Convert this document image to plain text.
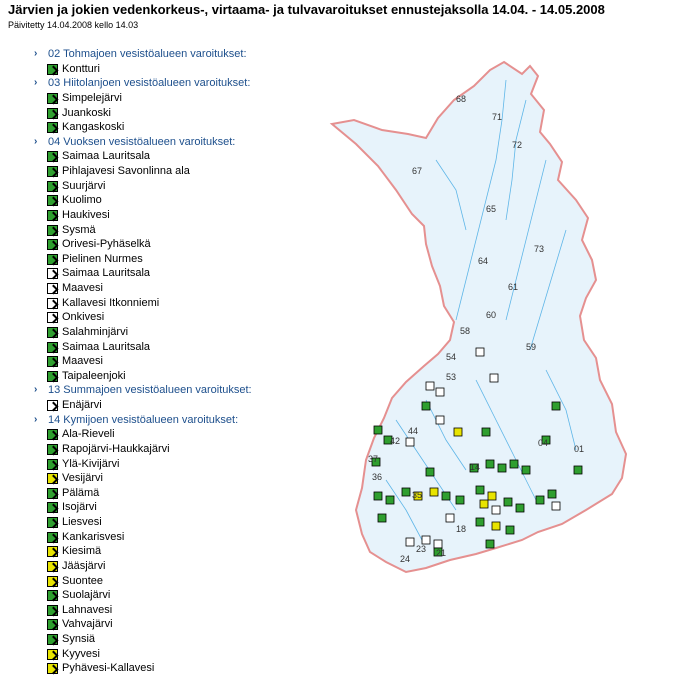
Järvien ja jokien vedenkorkeus-, virtaama- ja tulvavaroitukset ennustejaksolla 14.04. - 14.05.2008
Päivitetty 14.04.2008 kello 14.03
› 02 Tohmajoen vesistöalueen varoitukset:
Kontturi
› 03 Hiitolanjoen vesistöalueen varoitukset:
Simpelejärvi
Juankoski
Kangaskoski
› 04 Vuoksen vesistöalueen varoitukset:
Saimaa Lauritsala
Pihlajavesi Savonlinna ala
Suurjärvi
Kuolimo
Haukivesi
Sysmä
Orivesi-Pyhäselkä
Pielinen Nurmes
Saimaa Lauritsala
Maavesi
Kallavesi Itkonniemi
Onkivesi
Salahminjärvi
Saimaa Lauritsala
Maavesi
Taipaleenjoki
› 13 Summajoen vesistöalueen varoitukset:
Enäjärvi
› 14 Kymijoen vesistöalueen varoitukset:
Ala-Rieveli
Rapojärvi-Haukkajärvi
Ylä-Kivijärvi
Vesijärvi
Pälämä
Isojärvi
Liesvesi
Kankarisvesi
Kiesimä
Jääsjärvi
Suontee
Suolajärvi
Lahnavesi
Vahvajärvi
Synsiä
Kyyvesi
Pyhävesi-Kallavesi
68
71
72
67
65
73
64
61
60
58
59
54
53
44
04
01
42
37
36
14
35
18
21
23
24
